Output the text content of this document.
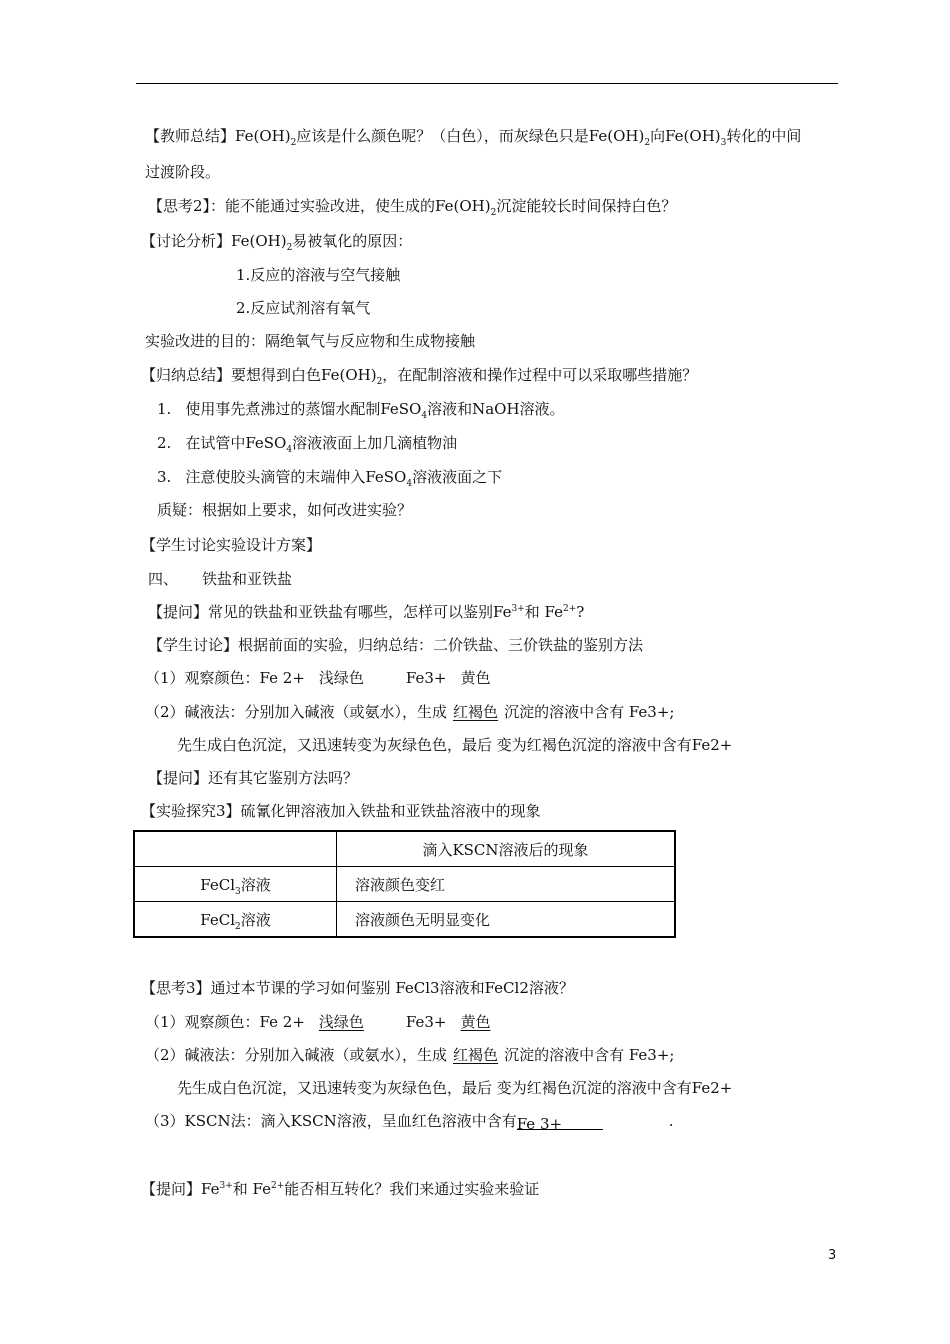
【教师总结】$Fe(OH)_2$应该是什么颜色呢？（白色），而灰绿色只是$Fe(OH)_2$向$Fe(OH)_3$转化的中间
过渡阶段。
【思考2】：能不能通过实验改进，使生成的$Fe(OH)_2$沉淀能较长时间保持白色？
【讨论分析】$Fe(OH)_2$易被氧化的原因：
1.反应的溶液与空气接触
2.反应试剂溶有氧气
实验改进的目的：隔绝氧气与反应物和生成物接触
【归纳总结】要想得到白色$Fe(OH)_2$，在配制溶液和操作过程中可以采取哪些措施？
1. 使用事先煮沸过的蒸馏水配制FeSO$_4$溶液和NaOH溶液。
2. 在试管中FeSO$_4$溶液液面上加几滴植物油
3. 注意使胶头滴管的末端伸入FeSO$_4$溶液液面之下
质疑：根据如上要求，如何改进实验？
【学生讨论实验设计方案】
四、 铁盐和亚铁盐
【提问】常见的铁盐和亚铁盐有哪些，怎样可以鉴别$Fe^{3+}$和 $Fe^{2+}$?
【学生讨论】根据前面的实验，归纳总结：二价铁盐、三价铁盐的鉴别方法
（1）观察颜色：Fe 2+ 浅绿色	Fe3+ 黄色
（2）碱液法：分别加入碱液（或氨水），生成 红褐色 沉淀的溶液中含有 Fe3+;
先生成白色沉淀，又迅速转变为灰绿色色，最后 变为红褐色沉淀的溶液中含有Fe2+
【提问】还有其它鉴别方法吗？
【实验探究3】硫氰化钾溶液加入铁盐和亚铁盐溶液中的现象
	滴入KSCN溶液后的现象
FeCl$_3$溶液	溶液颜色变红
FeCl$_2$溶液	溶液颜色无明显变化
【思考3】通过本节课的学习如何鉴别 FeCl3溶液和FeCl2溶液？
（1）观察颜色：Fe 2+ 浅绿色	Fe3+ 黄色
（2）碱液法：分别加入碱液（或氨水），生成 红褐色 沉淀的溶液中含有 Fe3+;
先生成白色沉淀，又迅速转变为灰绿色色，最后 变为红褐色沉淀的溶液中含有Fe2+
（3）KSCN法：滴入KSCN溶液，呈血红色溶液中含有Fe 3+	.
【提问】$Fe^{3+}$和 $Fe^{2+}$能否相互转化？我们来通过实验来验证
3
